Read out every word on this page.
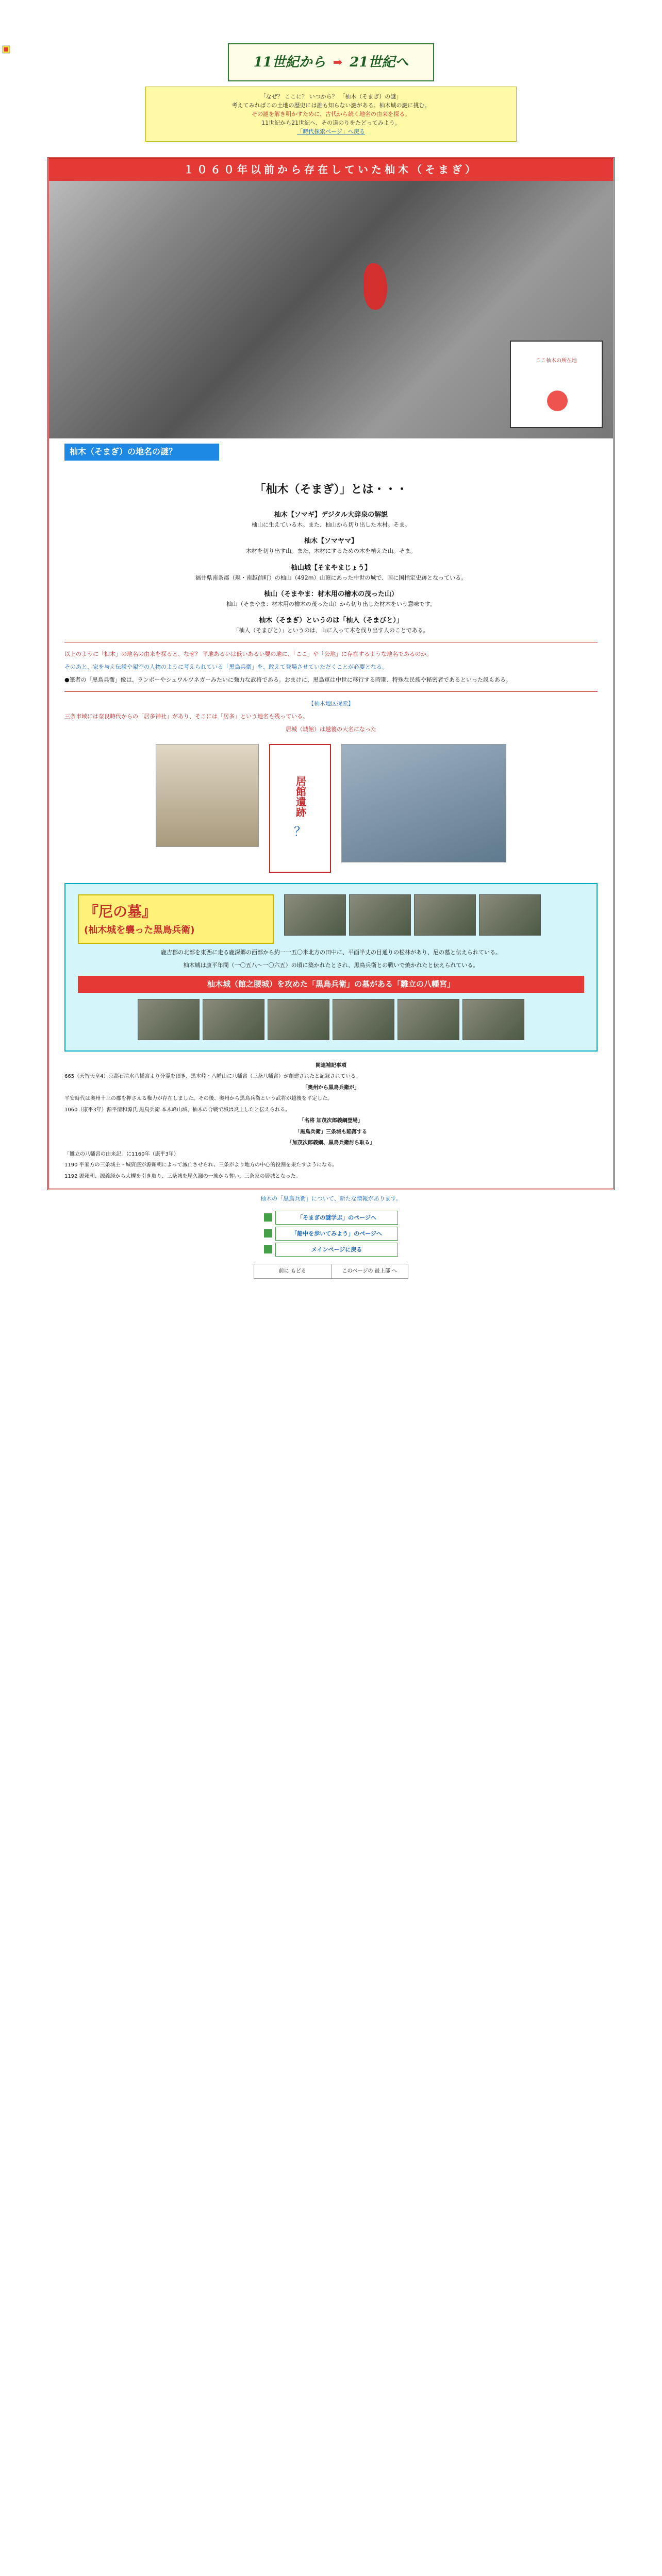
11世紀から ➡ 21世紀へ
「なぜ？ ここに？ いつから？ 「杣木（そまぎ）の謎」
考えてみればこの土地の歴史には誰も知らない謎がある。杣木城の謎に挑む。
その謎を解き明かすために、古代から続く地名の由来を探る。
11世紀から21世紀へ、その道のりをたどってみよう。
「時代探索ページ」へ戻る
１０６０年以前から存在していた杣木（そまぎ）
ここ杣木の所在地
杣木（そまぎ）の地名の謎？
「杣木（そまぎ）」とは・・・
杣木【ソマギ】デジタル大辞泉の解説
杣山に生えている木。また、杣山から切り出した木材。そま。
杣木【ソマヤマ】
木材を切り出す山。また、木材にするための木を植えた山。そま。
杣山城【そまやまじょう】
福井県南条郡（現・南越前町）の杣山（492m）山頂にあった中世の城で、国に国指定史跡となっている。
杣山（そまやま：材木用の檜木の茂った山）
杣山（そまやま：材木用の檜木の茂った山）から切り出した材木をいう意味です。
杣木（そまぎ）というのは「杣人（そまびと）」
「杣人（そまびと）」というのは、山に入って木を伐り出す人のことである。

以上のように「杣木」の地名の由来を探ると、なぜ？ 平地あるいは低いあるい要の地に、「ここ」や「公地」に存在するような地名であるのか。

そのあと、家を与え伝説や架空の人物のように考えられている「黒鳥兵衛」を、敢えて登場させていただくことが必要となる。

●筆者の「黒鳥兵衛」像は、ランボーやシュワルツネガーみたいに強力な武将である。おまけに、黒鳥軍は中世に移行する時期、特殊な民族や秘密者であるといった説もある。

【杣木地区探索】

三条市域には奈良時代からの「居多神社」があり、そこには「居多」という地名も残っている。

居城（城館）は越後の大名になった

居館遺跡
？
『尼の墓』
(杣木城を襲った黒鳥兵衛)

鹿吉郡の北部を東西に走る鹿深郷の西部から約一一五〇米北方の田中に、平面半丈の目通りの松林があり、尼の墓と伝えられている。

杣木城は康平年間（一〇五八～一〇六五）の頃に築かれたとされ、黒鳥兵衛との戦いで焼かれたと伝えられている。

杣木城（館之腰城）を攻めた「黒鳥兵衛」の墓がある「雛立の八幡宮」

関連補記事項

665（天智天皇4）京都石清水八幡宮より分霊を頂き、黒木峠・八幡山に八幡宮（三条八幡宮）が創建されたと記録されている。

「奥州から黒鳥兵衛が」

平安時代は奥州十三の郡を押さえる権力が存在しました。その後、奥州から黒鳥兵衛という武将が越後を平定した。

1060（康平3年）源平清和源氏 黒鳥兵衛 本木峰山城、杣木の合戦で城は炎上したと伝えられる。

「名将 加茂次郎義綱登場」

「黒鳥兵衛」三条城も陥落する

「加茂次郎義綱、黒鳥兵衛討ち取る」

「雛立の八幡宮の由来記」に1160年（康平3年）

1190 平家方の三条城主・城資盛が源頼朝によって滅亡させられ、三条がより地方の中心的役割を果たすようになる。

1192 源頼朝、源義経から大槻を引き取り、三条城を屋久瀬の一族から奪い、三条家の居城となった。

杣木の「黒鳥兵衛」について、新たな情報があります。

「そまぎの謎学ぶ」のページへ
「船中を歩いてみよう」のページへ
メインページに戻る
前に もどる	このページの 最上部 へ
